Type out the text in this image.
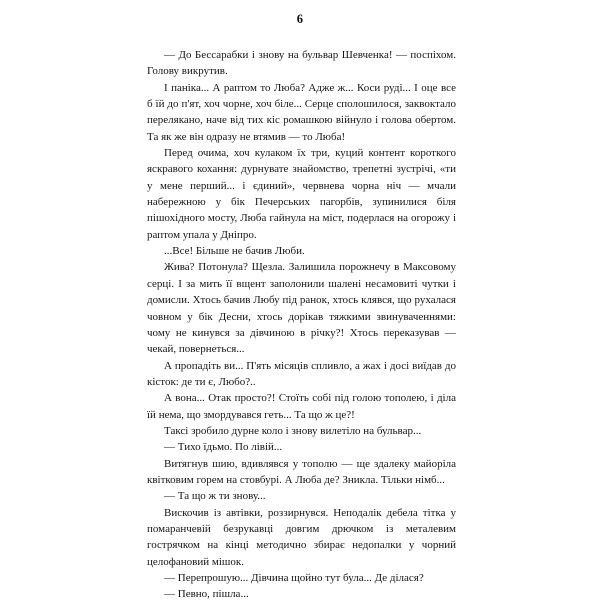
6

— До Бессарабки і знову на бульвар Шевченка! — поспіхом. Голову викрутив.

І паніка... А раптом то Люба? Адже ж... Коси руді... І оце все б їй до п'ят, хоч чорне, хоч біле... Серце сполошилося, заквоктало перелякано, наче від тих кіс ромашкою війнуло і голова обертом. Та як же він одразу не втямив — то Люба!

Перед очима, хоч кулаком їх три, куций контент короткого яскравого кохання: дурнувате знайомство, трепетні зустрічі, «ти у мене перший... і єдиний», червнева чорна ніч — мчали набережною у бік Печерських пагорбів, зупинилися біля пішохідного мосту, Люба гайнула на міст, подерлася на огорожу і раптом упала у Дніпро.

...Все! Більше не бачив Люби.

Жива? Потонула? Щезла. Залишила порожнечу в Максовому серці. І за мить її вщент заполонили шалені несамовиті чутки і домисли. Хтось бачив Любу під ранок, хтось клявся, що рухалася човном у бік Десни, хтось дорікав тяжкими звинуваченнями: чому не кинувся за дівчиною в річку?! Хтось переказував — чекай, повернеться...

А пропадіть ви... П'ять місяців спливло, а жах і досі виїдав до кісток: де ти є, Любо?..

А вона... Отак просто?! Стоїть собі під голою тополею, і діла їй нема, що змордувався геть... Та що ж це?!

Таксі зробило дурне коло і знову вилетіло на бульвар...

— Тихо їдьмо. По лівій...

Витягнув шию, вдивлявся у тополю — ще здалеку майоріла квітковим горем на стовбурі. А Люба де? Зникла. Тільки німб...

— Та що ж ти знову...

Вискочив із автівки, роззирнувся. Неподалік дебела тітка у помаранчевій безрукавці довгим дрючком із металевим гострячком на кінці методично збирає недопалки у чорний целофановий мішок.

— Перепрошую... Дівчина щойно тут була... Де ділася?

— Певно, пішла...
